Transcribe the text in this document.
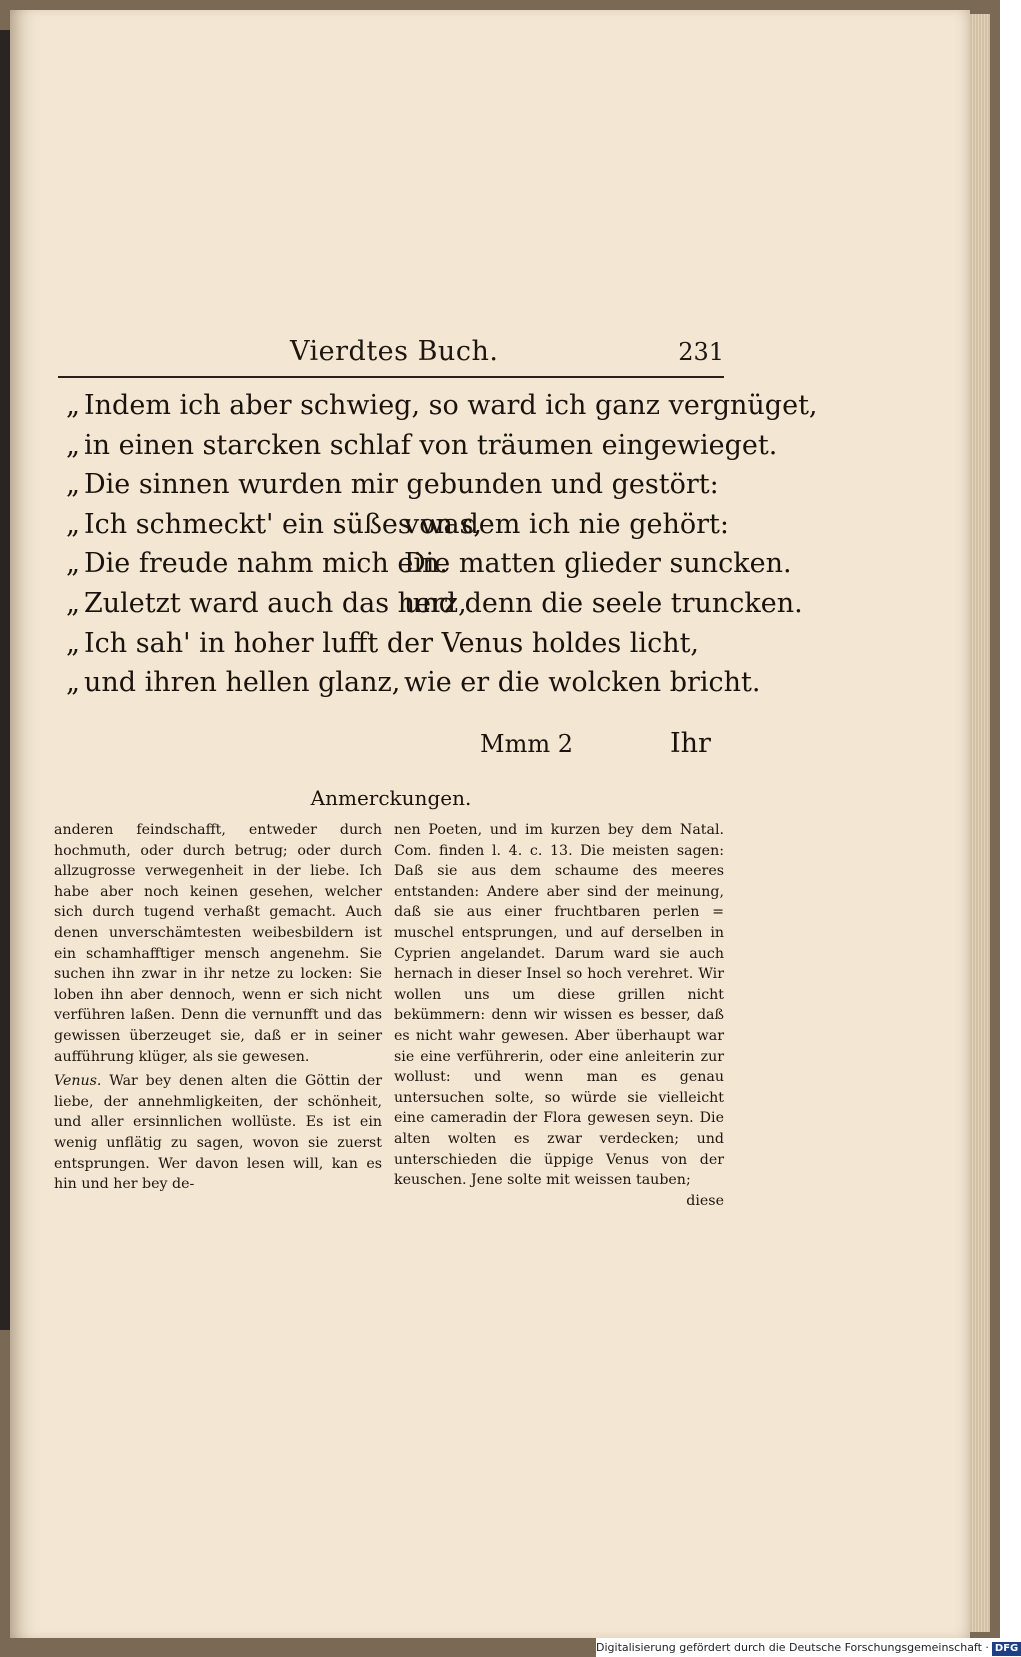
Vierdtes Buch.	231
„ Indem ich aber schwieg, so ward ich ganz vergnüget,
„ in einen starcken schlaf von träumen eingewieget.
„ Die sinnen wurden mir gebunden und gestört:
„ Ich schmeckt' ein süßes was,
von dem ich nie gehört:
„ Die freude nahm mich ein.
Die matten glieder suncken.
„ Zuletzt ward auch das herz,
und denn die seele truncken.
„ Ich sah' in hoher lufft der Venus holdes licht,
„ und ihren hellen glanz, wie er die wolcken bricht.
Mmm 2	Ihr
Anmerckungen.

anderen feindschafft, entweder durch hochmuth, oder durch betrug; oder durch allzugrosse verwegenheit in der liebe. Ich habe aber noch keinen gesehen, welcher sich durch tugend verhaßt gemacht. Auch denen unverschämtesten weibesbildern ist ein schamhafftiger mensch angenehm. Sie suchen ihn zwar in ihr netze zu locken: Sie loben ihn aber dennoch, wenn er sich nicht verführen laßen. Denn die vernunfft und das gewissen überzeuget sie, daß er in seiner aufführung klüger, als sie gewesen.

Venus. War bey denen alten die Göttin der liebe, der annehmligkeiten, der schönheit, und aller ersinnlichen wollüste. Es ist ein wenig unflätig zu sagen, wovon sie zuerst entsprungen. Wer davon lesen will, kan es hin und her bey de-

nen Poeten, und im kurzen bey dem Natal. Com. finden l. 4. c. 13. Die meisten sagen: Daß sie aus dem schaume des meeres entstanden: Andere aber sind der meinung, daß sie aus einer fruchtbaren perlen = muschel entsprungen, und auf derselben in Cyprien angelandet. Darum ward sie auch hernach in dieser Insel so hoch verehret. Wir wollen uns um diese grillen nicht bekümmern: denn wir wissen es besser, daß es nicht wahr gewesen. Aber überhaupt war sie eine verführerin, oder eine anleiterin zur wollust: und wenn man es genau untersuchen solte, so würde sie vielleicht eine cameradin der Flora gewesen seyn. Die alten wolten es zwar verdecken; und unterschieden die üppige Venus von der keuschen. Jene solte mit weissen tauben;

diese

Digitalisierung gefördert durch die Deutsche Forschungsgemeinschaft · DFG
